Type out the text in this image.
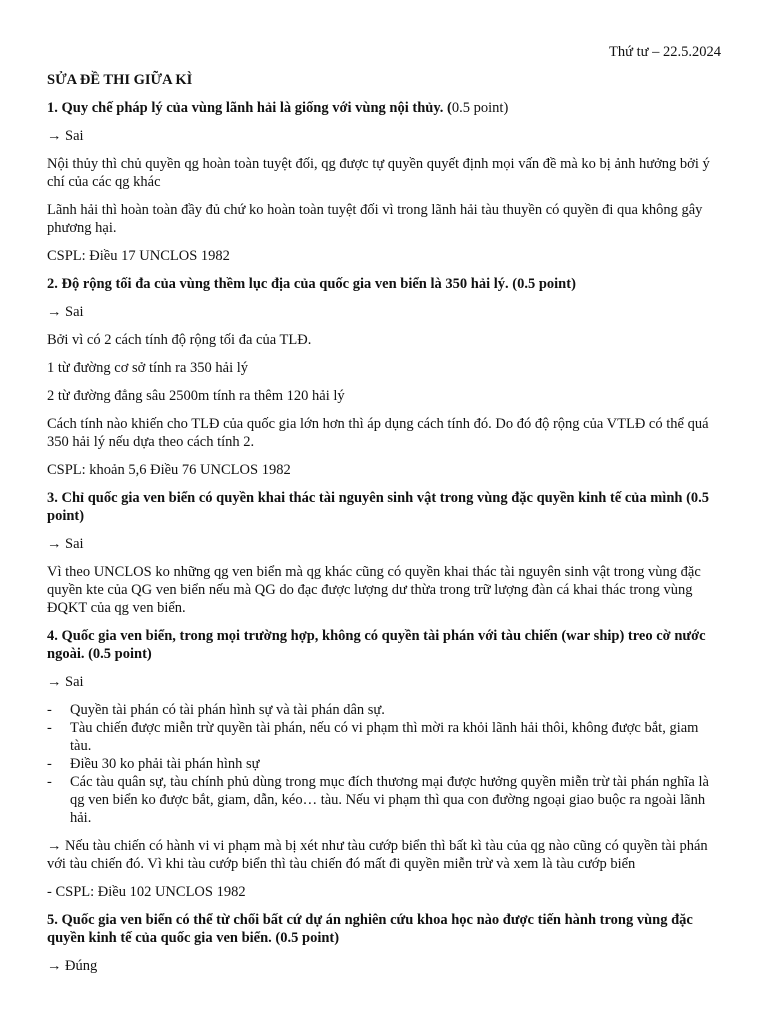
Thứ tư – 22.5.2024

SỬA ĐỀ THI GIỮA KÌ

1. Quy chế pháp lý của vùng lãnh hải là giống với vùng nội thủy. (0.5 point)

→ Sai

Nội thủy thì chủ quyền qg hoàn toàn tuyệt đối, qg được tự quyền quyết định mọi vấn đề mà ko bị ảnh hưởng bởi ý chí của các qg khác

Lãnh hải thì hoàn toàn đầy đủ chứ ko hoàn toàn tuyệt đối vì trong lãnh hải tàu thuyền có quyền đi qua không gây phương hại.

CSPL: Điều 17 UNCLOS 1982

2. Độ rộng tối đa của vùng thềm lục địa của quốc gia ven biển là 350 hải lý. (0.5 point)

→ Sai

Bởi vì có 2 cách tính độ rộng tối đa của TLĐ.

1 từ đường cơ sở tính ra 350 hải lý

2 từ đường đẳng sâu 2500m tính ra thêm 120 hải lý

Cách tính nào khiến cho TLĐ của quốc gia lớn hơn thì áp dụng cách tính đó. Do đó độ rộng của VTLĐ có thể quá 350 hải lý nếu dựa theo cách tính 2.

CSPL: khoản 5,6 Điều 76 UNCLOS 1982

3. Chỉ quốc gia ven biển có quyền khai thác tài nguyên sinh vật trong vùng đặc quyền kinh tế của mình (0.5 point)

→ Sai

Vì theo UNCLOS ko những qg ven biển mà qg khác cũng có quyền khai thác tài nguyên sinh vật trong vùng đặc quyền kte của QG ven biển nếu mà QG do đạc được lượng dư thừa trong trữ lượng đàn cá khai thác trong vùng ĐQKT của qg ven biển.

4. Quốc gia ven biển, trong mọi trường hợp, không có quyền tài phán với tàu chiến (war ship) treo cờ nước ngoài. (0.5 point)

→ Sai

- Quyền tài phán có tài phán hình sự và tài phán dân sự.
- Tàu chiến được miễn trừ quyền tài phán, nếu có vi phạm thì mời ra khỏi lãnh hải thôi, không được bắt, giam tàu.
- Điều 30 ko phải tài phán hình sự
- Các tàu quân sự, tàu chính phủ dùng trong mục đích thương mại được hưởng quyền miễn trừ tài phán nghĩa là qg ven biển ko được bắt, giam, dẫn, kéo… tàu. Nếu vi phạm thì qua con đường ngoại giao buộc ra ngoài lãnh hải.

→ Nếu tàu chiến có hành vi vi phạm mà bị xét như tàu cướp biển thì bất kì tàu của qg nào cũng có quyền tài phán với tàu chiến đó. Vì khi tàu cướp biển thì tàu chiến đó mất đi quyền miễn trừ và xem là tàu cướp biển

- CSPL: Điều 102 UNCLOS 1982

5. Quốc gia ven biển có thể từ chối bất cứ dự án nghiên cứu khoa học nào được tiến hành trong vùng đặc quyền kinh tế của quốc gia ven biển. (0.5 point)

→ Đúng
